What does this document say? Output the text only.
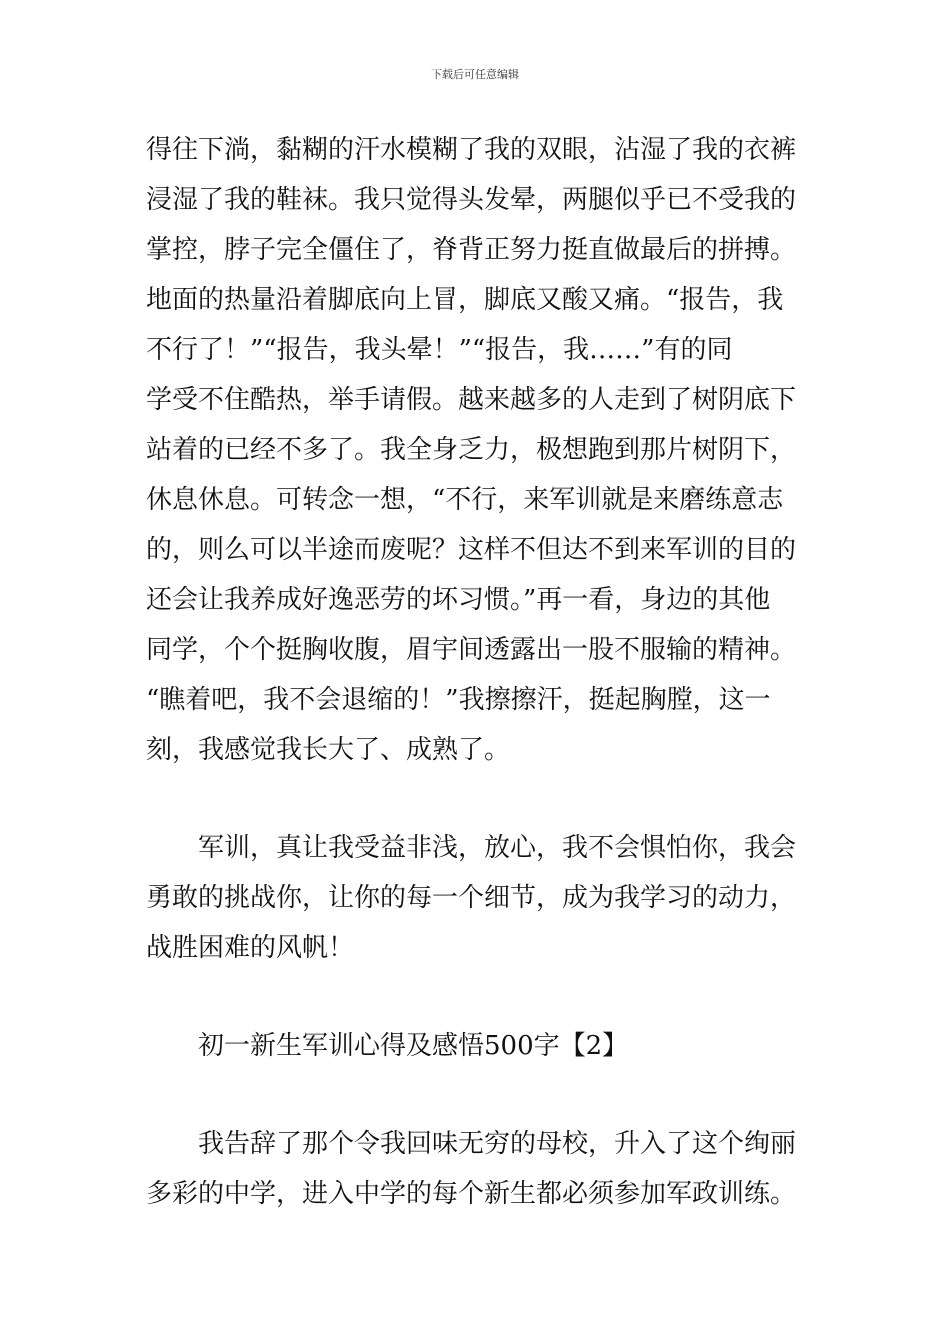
下载后可任意编辑
得往下淌，黏糊的汗水模糊了我的双眼，沾湿了我的衣裤
浸湿了我的鞋袜。我只觉得头发晕，两腿似乎已不受我的
掌控，脖子完全僵住了，脊背正努力挺直做最后的拼搏。
地面的热量沿着脚底向上冒，脚底又酸又痛。“报告，我
不行了！”“报告，我头晕！”“报告，我……”有的同
学受不住酷热，举手请假。越来越多的人走到了树阴底下
站着的已经不多了。我全身乏力，极想跑到那片树阴下，
休息休息。可转念一想，“不行，来军训就是来磨练意志
的，则么可以半途而废呢？这样不但达不到来军训的目的
还会让我养成好逸恶劳的坏习惯。”再一看，身边的其他
同学，个个挺胸收腹，眉宇间透露出一股不服输的精神。
“瞧着吧，我不会退缩的！”我擦擦汗，挺起胸膛，这一
刻，我感觉我长大了、成熟了。
军训，真让我受益非浅，放心，我不会惧怕你，我会
勇敢的挑战你，让你的每一个细节，成为我学习的动力，
战胜困难的风帆！
初一新生军训心得及感悟500字【2】
我告辞了那个令我回味无穷的母校，升入了这个绚丽
多彩的中学，进入中学的每个新生都必须参加军政训练。
